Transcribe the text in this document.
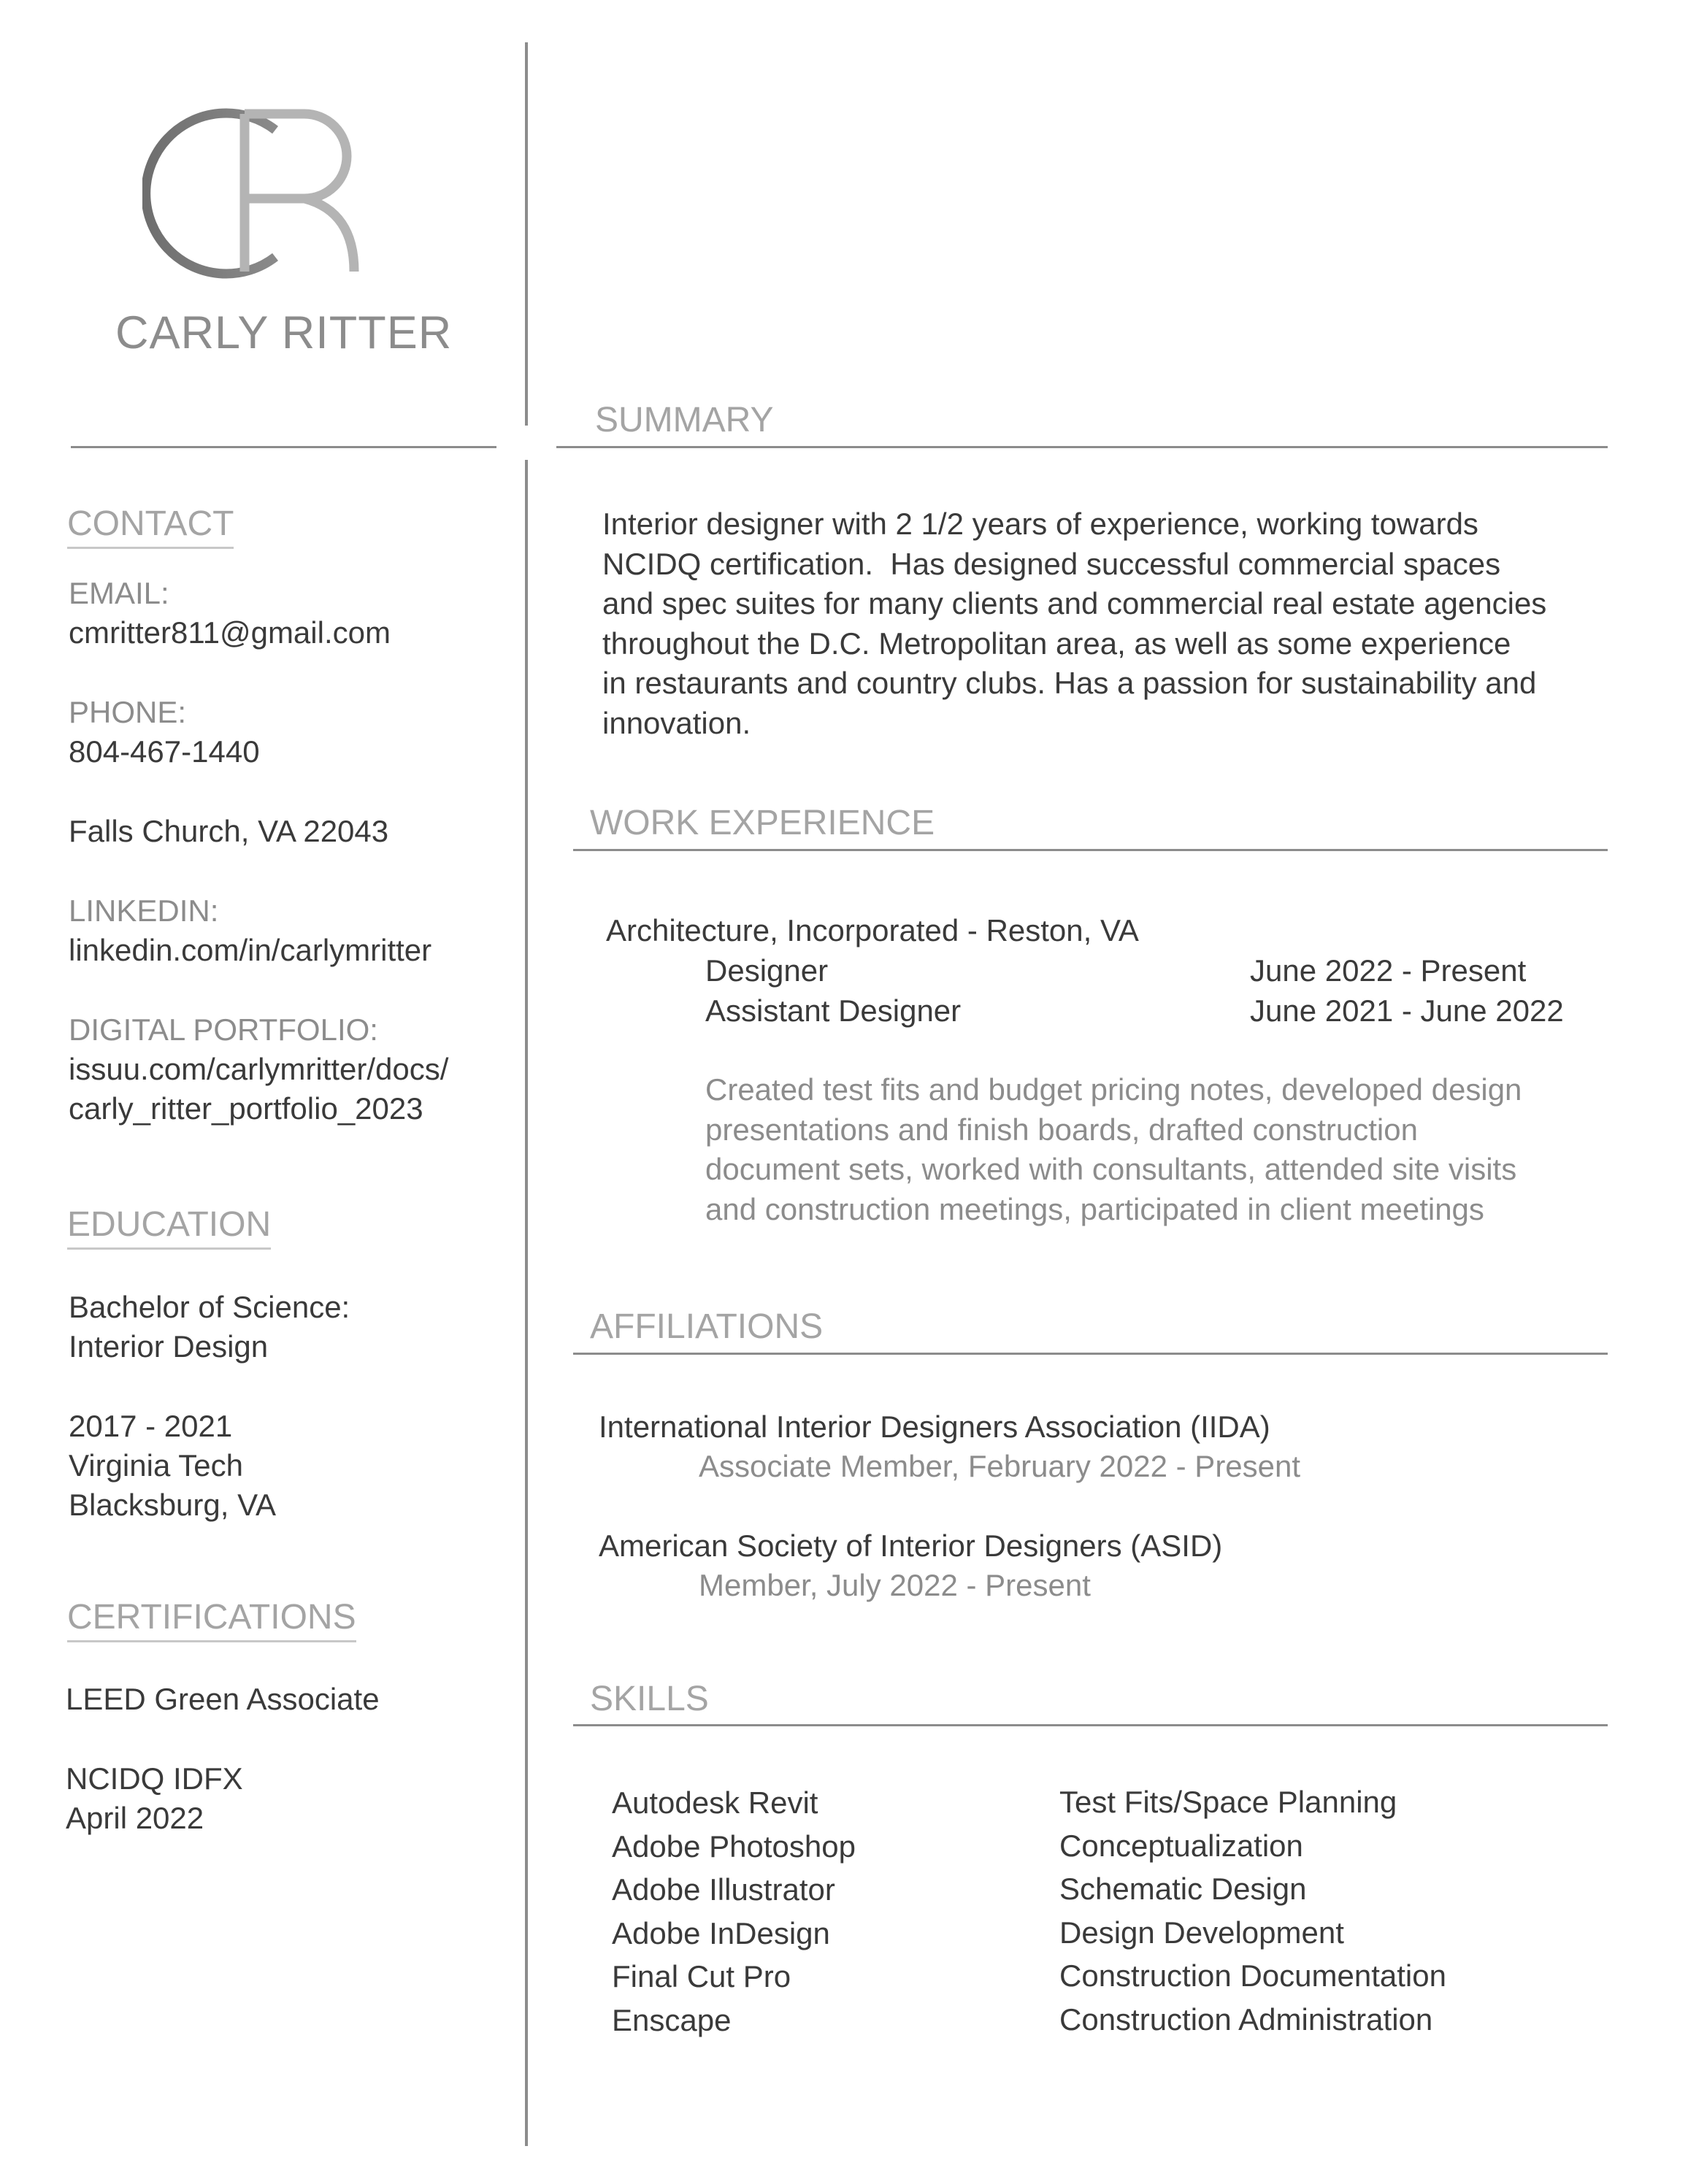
CARLY RITTER
CONTACT
EMAIL:
cmritter811@gmail.com
PHONE:
804-467-1440
Falls Church, VA 22043
LINKEDIN:
linkedin.com/in/carlymritter
DIGITAL PORTFOLIO:
issuu.com/carlymritter/docs/
carly_ritter_portfolio_2023
EDUCATION
Bachelor of Science:
Interior Design
2017 - 2021
Virginia Tech
Blacksburg, VA
CERTIFICATIONS
LEED Green Associate
NCIDQ IDFX
April 2022
SUMMARY
Interior designer with 2 1/2 years of experience, working towards
NCIDQ certification.  Has designed successful commercial spaces
and spec suites for many clients and commercial real estate agencies
throughout the D.C. Metropolitan area, as well as some experience
in restaurants and country clubs. Has a passion for sustainability and
innovation.
WORK EXPERIENCE
Architecture, Incorporated - Reston, VA
Designer	June 2022 - Present
Assistant Designer	June 2021 - June 2022
Created test fits and budget pricing notes, developed design
presentations and finish boards, drafted construction
document sets, worked with consultants, attended site visits
and construction meetings, participated in client meetings
AFFILIATIONS
International Interior Designers Association (IIDA)
Associate Member, February 2022 - Present
American Society of Interior Designers (ASID)
Member, July 2022 - Present
SKILLS
Autodesk Revit
Adobe Photoshop
Adobe Illustrator
Adobe InDesign
Final Cut Pro
Enscape
Test Fits/Space Planning
Conceptualization
Schematic Design
Design Development
Construction Documentation
Construction Administration
